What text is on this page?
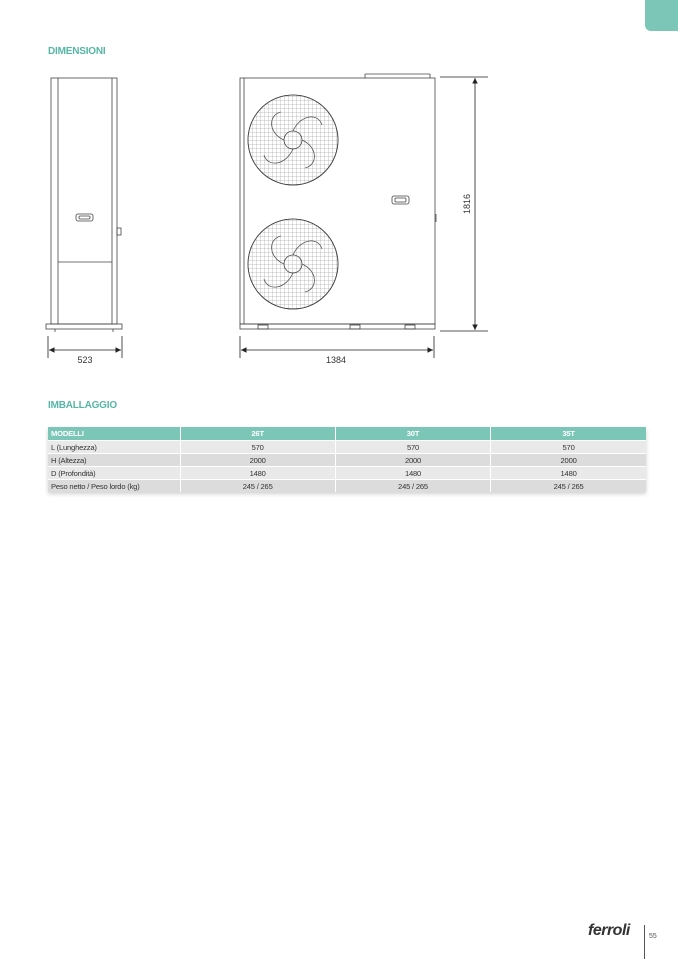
DIMENSIONI
523	1384
1816
IMBALLAGGIO
MODELLI	26T	30T	35T
L (Lunghezza)	570	570	570
H (Altezza)	2000	2000	2000
D (Profondità)	1480	1480	1480
Peso netto / Peso lordo (kg)	245 / 265	245 / 265	245 / 265
ferroli	55
